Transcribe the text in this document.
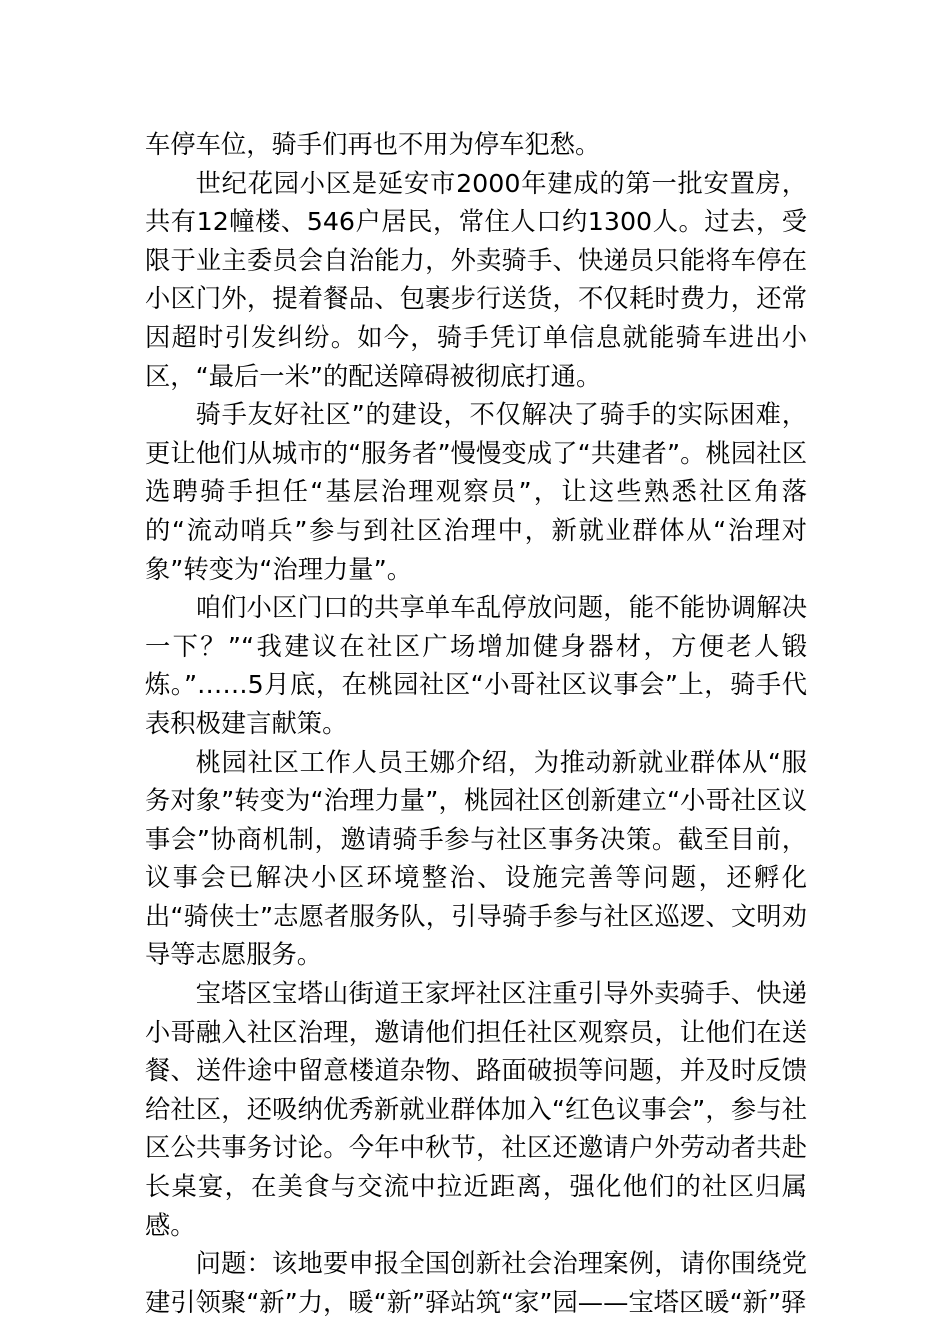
车停车位，骑手们再也不用为停车犯愁。

世纪花园小区是延安市2000年建成的第一批安置房，共有12幢楼、546户居民，常住人口约1300人。过去，受限于业主委员会自治能力，外卖骑手、快递员只能将车停在小区门外，提着餐品、包裹步行送货，不仅耗时费力，还常因超时引发纠纷。如今，骑手凭订单信息就能骑车进出小区，“最后一米”的配送障碍被彻底打通。

骑手友好社区”的建设，不仅解决了骑手的实际困难，更让他们从城市的“服务者”慢慢变成了“共建者”。桃园社区选聘骑手担任“基层治理观察员”，让这些熟悉社区角落的“流动哨兵”参与到社区治理中，新就业群体从“治理对象”转变为“治理力量”。

咱们小区门口的共享单车乱停放问题，能不能协调解决一下？”“我建议在社区广场增加健身器材，方便老人锻炼。”……5月底，在桃园社区“小哥社区议事会”上，骑手代表积极建言献策。

桃园社区工作人员王娜介绍，为推动新就业群体从“服务对象”转变为“治理力量”，桃园社区创新建立“小哥社区议事会”协商机制，邀请骑手参与社区事务决策。截至目前，议事会已解决小区环境整治、设施完善等问题，还孵化出“骑侠士”志愿者服务队，引导骑手参与社区巡逻、文明劝导等志愿服务。

宝塔区宝塔山街道王家坪社区注重引导外卖骑手、快递小哥融入社区治理，邀请他们担任社区观察员，让他们在送餐、送件途中留意楼道杂物、路面破损等问题，并及时反馈给社区，还吸纳优秀新就业群体加入“红色议事会”，参与社区公共事务讨论。今年中秋节，社区还邀请户外劳动者共赴长桌宴，在美食与交流中拉近距离，强化他们的社区归属感。

问题：该地要申报全国创新社会治理案例，请你围绕党建引领聚“新”力，暖“新”驿站筑“家”园——宝塔区暖“新”驿
